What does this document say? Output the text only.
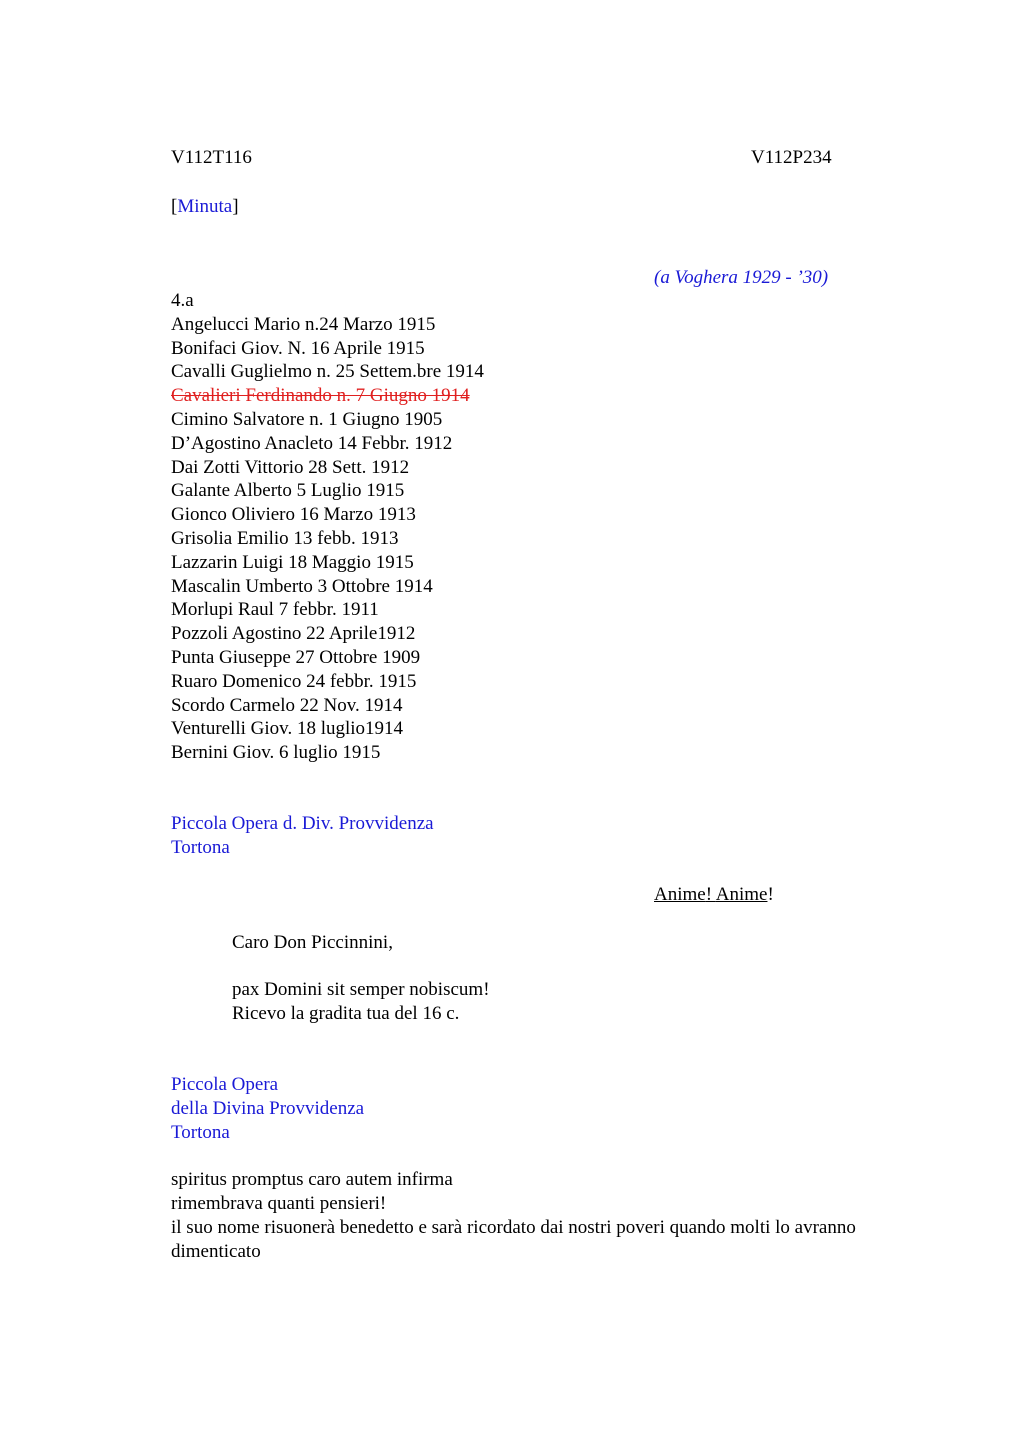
V112T116	V112P234
[Minuta]
(a Voghera 1929 - ’30)
4.a
Angelucci Mario n.24 Marzo 1915
Bonifaci Giov. N. 16 Aprile 1915
Cavalli Guglielmo n. 25 Settem.bre 1914
Cavalieri Ferdinando n. 7 Giugno 1914
Cimino Salvatore n. 1 Giugno 1905
D’Agostino Anacleto 14 Febbr. 1912
Dai Zotti Vittorio 28 Sett. 1912
Galante Alberto 5 Luglio 1915
Gionco Oliviero 16 Marzo 1913
Grisolia Emilio 13 febb. 1913
Lazzarin Luigi 18 Maggio 1915
Mascalin Umberto 3 Ottobre 1914
Morlupi Raul 7 febbr. 1911
Pozzoli Agostino 22 Aprile1912
Punta Giuseppe 27 Ottobre 1909
Ruaro Domenico 24 febbr. 1915
Scordo Carmelo 22 Nov. 1914
Venturelli Giov. 18 luglio1914
Bernini Giov. 6 luglio 1915
Piccola Opera d. Div. Provvidenza
Tortona
Anime! Anime!
Caro Don Piccinnini,
pax Domini sit semper nobiscum!
Ricevo la gradita tua del 16 c.
Piccola Opera
della Divina Provvidenza
Tortona
spiritus promptus caro autem infirma
rimembrava quanti pensieri!
il suo nome risuonerà benedetto e sarà ricordato dai nostri poveri quando molti lo avranno dimenticato
